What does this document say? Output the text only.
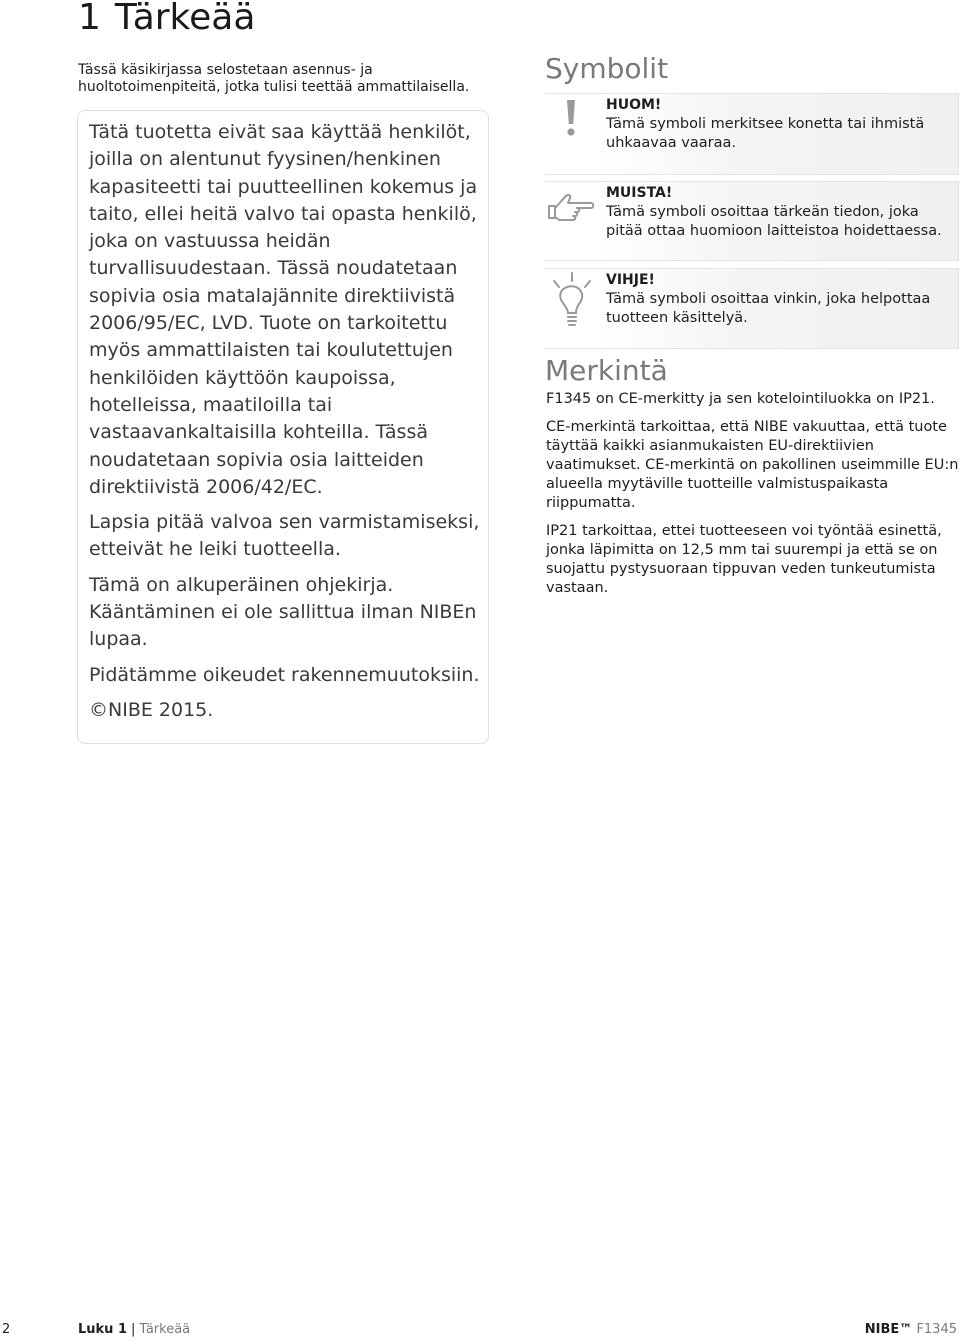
1 Tärkeää

Tässä käsikirjassa selostetaan asennus- ja huoltotoimenpiteitä, jotka tulisi teettää ammattilaisella.

Tätä tuotetta eivät saa käyttää henkilöt, joilla on alentunut fyysinen/henkinen kapasiteetti tai puutteellinen kokemus ja taito, ellei heitä valvo tai opasta henkilö, joka on vastuussa heidän turvallisuudestaan. Tässä noudatetaan sopivia osia matalajännite direktiivistä 2006/95/EC, LVD. Tuote on tarkoitettu myös ammattilaisten tai koulutettujen henkilöiden käyttöön kaupoissa, hotelleissa, maatiloilla tai vastaavankaltaisilla kohteilla. Tässä noudatetaan sopivia osia laitteiden direktiivistä 2006/42/EC.

Lapsia pitää valvoa sen varmistamiseksi, etteivät he leiki tuotteella.

Tämä on alkuperäinen ohjekirja. Kääntäminen ei ole sallittua ilman NIBEn lupaa.

Pidätämme oikeudet rakennemuutoksiin.

©NIBE 2015.

Symbolit
HUOM!
Tämä symboli merkitsee konetta tai ihmistä uhkaavaa vaaraa.
MUISTA!
Tämä symboli osoittaa tärkeän tiedon, joka pitää ottaa huomioon laitteistoa hoidettaessa.
VIHJE!
Tämä symboli osoittaa vinkin, joka helpottaa tuotteen käsittelyä.
Merkintä

F1345 on CE-merkitty ja sen kotelointiluokka on IP21.

CE-merkintä tarkoittaa, että NIBE vakuuttaa, että tuote täyttää kaikki asianmukaisten EU-direktiivien vaatimukset. CE-merkintä on pakollinen useimmille EU:n alueella myytäville tuotteille valmistuspaikasta riippumatta.

IP21 tarkoittaa, ettei tuotteeseen voi työntää esinettä, jonka läpimitta on 12,5 mm tai suurempi ja että se on suojattu pystysuoraan tippuvan veden tunkeutumista vastaan.

2	Luku 1 | Tärkeää	NIBE™ F1345
